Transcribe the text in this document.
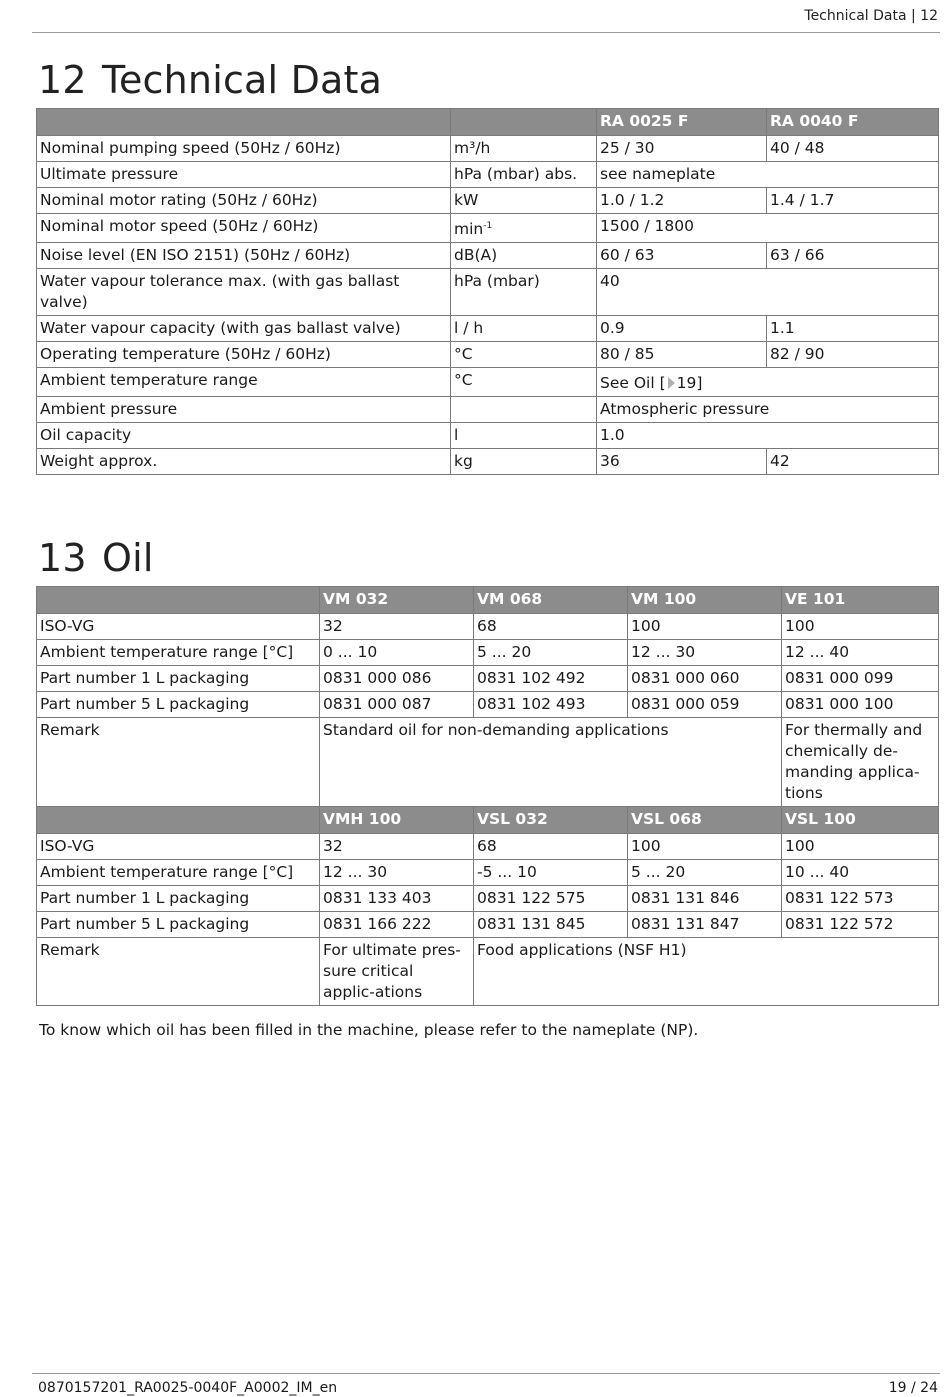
Technical Data | 12
12 Technical Data
		RA 0025 F	RA 0040 F
Nominal pumping speed (50Hz / 60Hz)	m³/h	25 / 30	40 / 48
Ultimate pressure	hPa (mbar) abs.	see nameplate	
Nominal motor rating (50Hz / 60Hz)	kW	1.0 / 1.2	1.4 / 1.7
Nominal motor speed (50Hz / 60Hz)	$\min^{-1}$	1500 / 1800	
Noise level (EN ISO 2151) (50Hz / 60Hz)	dB(A)	60 / 63	63 / 66
Water vapour tolerance max. (with gas ballast valve)	hPa (mbar)	40	
Water vapour capacity (with gas ballast valve)	l / h	0.9	1.1
Operating temperature (50Hz / 60Hz)	°C	80 / 85	82 / 90
Ambient temperature range	°C	See Oil [ 19]	
Ambient pressure		Atmospheric pressure	
Oil capacity	l	1.0	
Weight approx.	kg	36	42
13 Oil
	VM 032	VM 068	VM 100	VE 101
ISO-VG	32	68	100	100
Ambient temperature range [°C]	0 ... 10	5 ... 20	12 ... 30	12 ... 40
Part number 1 L packaging	0831 000 086	0831 102 492	0831 000 060	0831 000 099
Part number 5 L packaging	0831 000 087	0831 102 493	0831 000 059	0831 000 100
Remark	Standard oil for non-demanding applications			For thermally and chemically de-manding applica-tions
	VMH 100	VSL 032	VSL 068	VSL 100
ISO-VG	32	68	100	100
Ambient temperature range [°C]	12 ... 30	-5 ... 10	5 ... 20	10 ... 40
Part number 1 L packaging	0831 133 403	0831 122 575	0831 131 846	0831 122 573
Part number 5 L packaging	0831 166 222	0831 131 845	0831 131 847	0831 122 572
Remark	For ultimate pres-sure critical applic-ations	Food applications (NSF H1)		
To know which oil has been filled in the machine, please refer to the nameplate (NP).
0870157201_RA0025-0040F_A0002_IM_en	19 / 24
